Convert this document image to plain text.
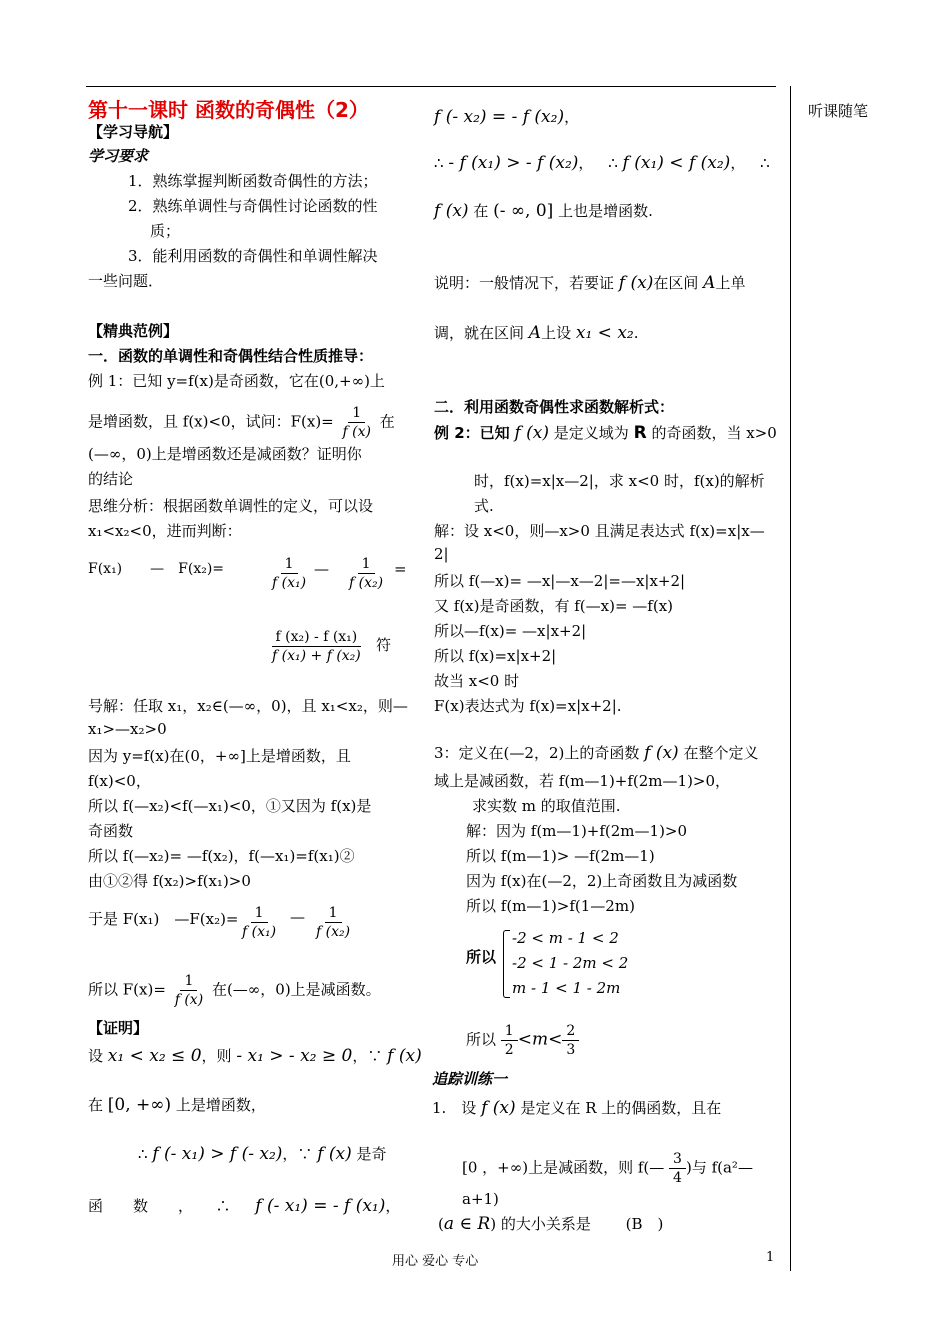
听课随笔
第十一课时 函数的奇偶性（2）
【学习导航】
学习要求
1．熟练掌握判断函数奇偶性的方法；
2．熟练单调性与奇偶性讨论函数的性
质；
3．能利用函数的奇偶性和单调性解决
一些问题．
【精典范例】
一．函数的单调性和奇偶性结合性质推导：
例 1：已知 y=f(x)是奇函数，它在(0,+∞)上
是增函数，且 f(x)<0，试问：$F(x)= \frac{1}{f (x)}$ 在
(—∞，0)上是增函数还是减函数？证明你
的结论
思维分析：根据函数单调性的定义，可以设
x₁<x₂<0，进而判断：
F(x₁)　　—　F(x₂)=	$\frac{1}{\text{f (x₁)}}$ — $\frac{1}{\text{f (x₂)}}$ =
$\frac{\text{f (x₂) - f (x₁)}}{\text{f (x₁) + f (x₂)}}$ 符
号解：任取 x₁，x₂∈(—∞，0)，且 x₁<x₂，则—
x₁>—x₂>0
因为 y=f(x)在(0，+∞]上是增函数，且
f(x)<0，
所以 f(—x₂)<f(—x₁)<0，①又因为 f(x)是
奇函数
所以 f(—x₂)= —f(x₂)，f(—x₁)=f(x₁)②
由①②得 f(x₂)>f(x₁)>0
于是 F(x₁)　—F(x₂)= $\frac{1}{\text{f (x₁)}}$ — $\frac{1}{\text{f (x₂)}}$
所以 $F(x)= \frac{1}{f (x)}$ 在(—∞，0)上是减函数。
【证明】
设 x₁ < x₂ ≤ 0，则 - x₁ > - x₂ ≥ 0，∵ f (x)
在 [0, +∞) 上是增函数，
∴ f (- x₁) > f (- x₂)，∵ f (x) 是奇
函　　数　　，　　∴ f (- x₁) = - f (x₁)，
f (- x₂) = - f (x₂)，
∴ - f (x₁) > - f (x₂)， ∴ f (x₁) < f (x₂)， ∴
f (x) 在 (- ∞, 0] 上也是增函数.
说明：一般情况下，若要证 f (x)在区间 A上单
调，就在区间 A上设 x₁ < x₂.
二．利用函数奇偶性求函数解析式：
例 2：已知 f (x) 是定义域为 R 的奇函数，当 x>0
时，f(x)=x|x—2|，求 x<0 时，f(x)的解析
式.
解：设 x<0，则—x>0 且满足表达式 f(x)=x|x—
2|
所以 f(—x)= —x|—x—2|=—x|x+2|
又 f(x)是奇函数，有 f(—x)= —f(x)
所以—f(x)= —x|x+2|
所以 f(x)=x|x+2|
故当 x<0 时
F(x)表达式为 f(x)=x|x+2|.
3：定义在(—2，2)上的奇函数 f (x) 在整个定义
域上是减函数，若 f(m—1)+f(2m—1)>0，
求实数 m 的取值范围.
解：因为 f(m—1)+f(2m—1)>0
所以 f(m—1)> —f(2m—1)
因为 f(x)在(—2，2)上奇函数且为减函数
所以 f(m—1)>f(1—2m)
所以
-2 < m - 1 < 2
-2 < 1 - 2m < 2
m - 1 < 1 - 2m
所以 $\frac{1}{2} <m< \frac{2}{3}$
追踪训练一
1.　设 f (x) 是定义在 R 上的偶函数，且在
[0 ，+∞)上是减函数，则 f(— $\frac{3}{4}$ )与 f(a²—
a+1)
(a ∈ R) 的大小关系是 (B　)
用心 爱心 专心	1
